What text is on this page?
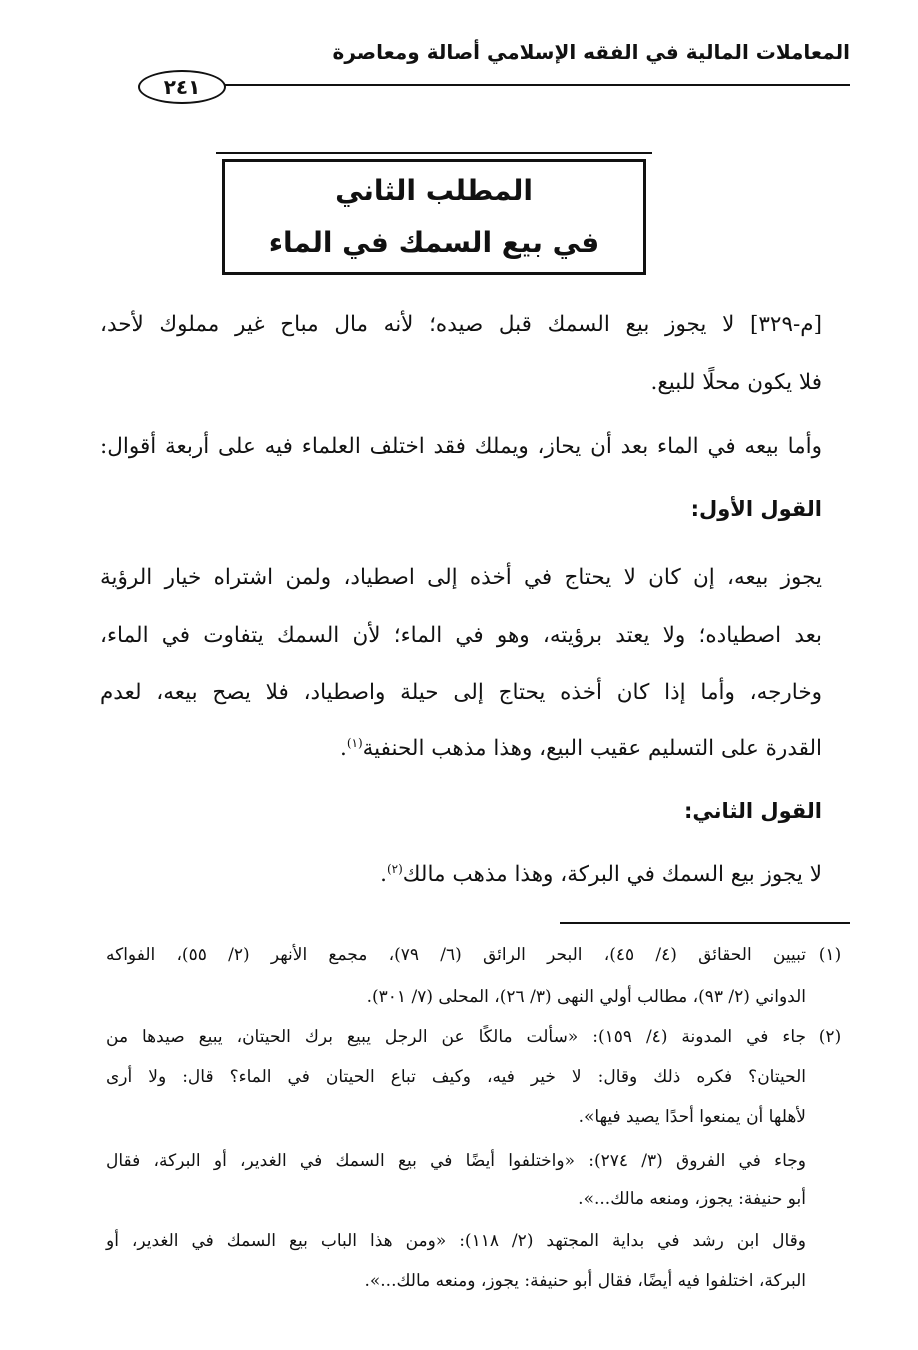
المعاملات المالية في الفقه الإسلامي أصالة ومعاصرة
٢٤١
المطلب الثاني
في بيع السمك في الماء
[م-٣٢٩] لا يجوز بيع السمك قبل صيده؛ لأنه مال مباح غير مملوك لأحد،
فلا يكون محلًا للبيع.
وأما بيعه في الماء بعد أن يحاز، ويملك فقد اختلف العلماء فيه على أربعة أقوال:
القول الأول:
يجوز بيعه، إن كان لا يحتاج في أخذه إلى اصطياد، ولمن اشتراه خيار الرؤية
بعد اصطياده؛ ولا يعتد برؤيته، وهو في الماء؛ لأن السمك يتفاوت في الماء،
وخارجه، وأما إذا كان أخذه يحتاج إلى حيلة واصطياد، فلا يصح بيعه، لعدم
القدرة على التسليم عقيب البيع، وهذا مذهب الحنفية$^{(١)}$.
القول الثاني:
لا يجوز بيع السمك في البركة، وهذا مذهب مالك$^{(٢)}$.
(١)
تبيين الحقائق (٤/ ٤٥)، البحر الرائق (٦/ ٧٩)، مجمع الأنهر (٢/ ٥٥)، الفواكه
الدواني (٢/ ٩٣)، مطالب أولي النهى (٣/ ٢٦)، المحلى (٧/ ٣٠١).
(٢)
جاء في المدونة (٤/ ١٥٩): «سألت مالكًا عن الرجل يبيع برك الحيتان، يبيع صيدها من
الحيتان؟ فكره ذلك وقال: لا خير فيه، وكيف تباع الحيتان في الماء؟ قال: ولا أرى
لأهلها أن يمنعوا أحدًا يصيد فيها».
وجاء في الفروق (٣/ ٢٧٤): «واختلفوا أيضًا في بيع السمك في الغدير، أو البركة، فقال
أبو حنيفة: يجوز، ومنعه مالك...».
وقال ابن رشد في بداية المجتهد (٢/ ١١٨): «ومن هذا الباب بيع السمك في الغدير، أو
البركة، اختلفوا فيه أيضًا، فقال أبو حنيفة: يجوز، ومنعه مالك...».
